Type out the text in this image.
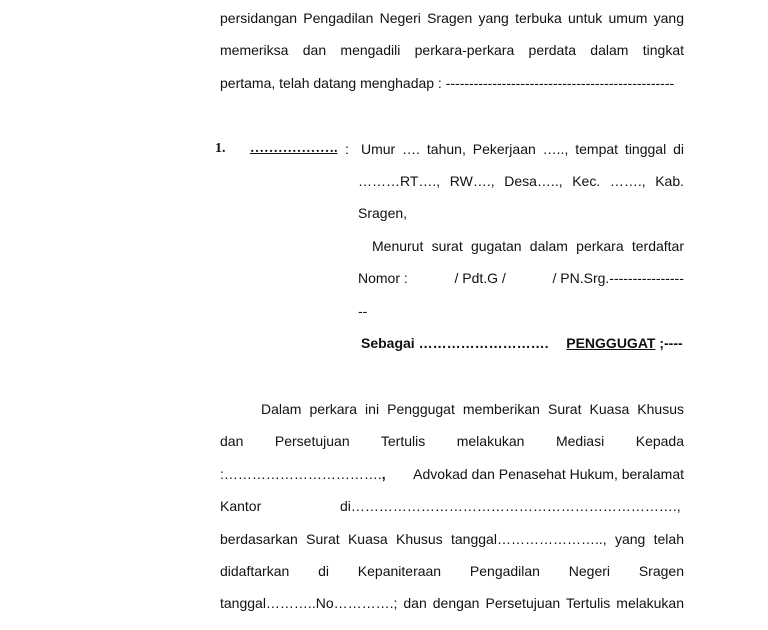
persidangan Pengadilan Negeri Sragen yang terbuka untuk umum yang
memeriksa dan mengadili perkara-perkara perdata dalam tingkat
pertama, telah datang menghadap : -------------------------------------------------
1. ………………. : Umur …. tahun, Pekerjaan ….., tempat tinggal di
………RT…., RW…., Desa….., Kec. ……., Kab.
Sragen,
Menurut surat gugatan dalam perkara terdaftar
Nomor :            / Pdt.G /            / PN.Srg.----------------
--
Sebagai ………………………. PENGGUGAT ;----
Dalam perkara ini Penggugat memberikan Surat Kuasa Khusus
dan Persetujuan Tertulis melakukan Mediasi Kepada
:……………………………., Advokad dan Penasehat Hukum, beralamat
Kantor	di…………………………………………………………….,
berdasarkan Surat Kuasa Khusus tanggal………………….., yang telah
didaftarkan di Kepaniteraan Pengadilan Negeri Sragen
tanggal………..No………….; dan dengan Persetujuan Tertulis melakukan
